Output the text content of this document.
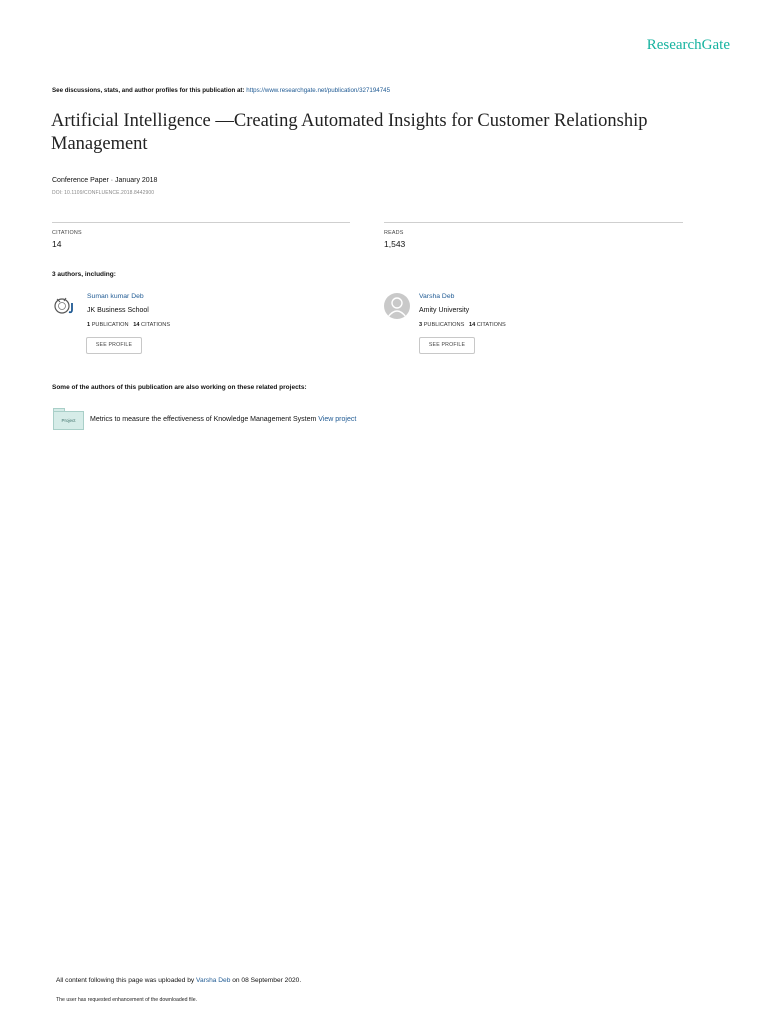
ResearchGate
See discussions, stats, and author profiles for this publication at: https://www.researchgate.net/publication/327194745
Artificial Intelligence —Creating Automated Insights for Customer Relationship Management
Conference Paper · January 2018
DOI: 10.1109/CONFLUENCE.2018.8442900
CITATIONS
14
READS
1,543
3 authors, including:
Suman kumar Deb
JK Business School
1 PUBLICATION 14 CITATIONS
SEE PROFILE
Varsha Deb
Amity University
3 PUBLICATIONS 14 CITATIONS
SEE PROFILE
Some of the authors of this publication are also working on these related projects:
Project	Metrics to measure the effectiveness of Knowledge Management System View project
All content following this page was uploaded by Varsha Deb on 08 September 2020.
The user has requested enhancement of the downloaded file.
